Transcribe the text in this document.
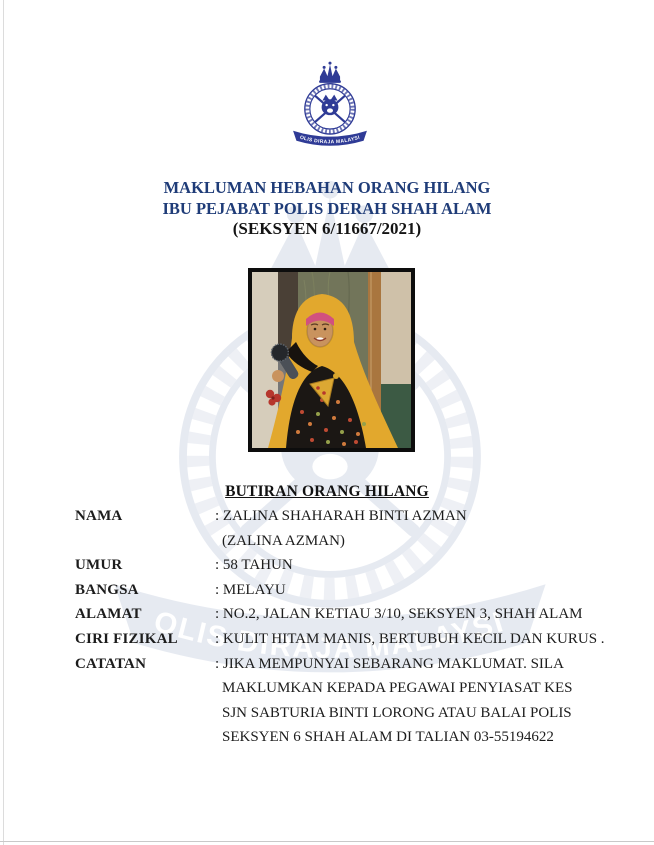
MAKLUMAN HEBAHAN ORANG HILANG
IBU PEJABAT POLIS DERAH SHAH ALAM
(SEKSYEN 6/11667/2021)
BUTIRAN ORANG HILANG
NAMA	: ZALINA SHAHARAH BINTI AZMAN
(ZALINA AZMAN)
UMUR	: 58 TAHUN
BANGSA	: MELAYU
ALAMAT	: NO.2, JALAN KETIAU 3/10, SEKSYEN 3, SHAH ALAM
CIRI FIZIKAL : KULIT HITAM MANIS, BERTUBUH KECIL DAN KURUS .
CATATAN	: JIKA MEMPUNYAI SEBARANG MAKLUMAT. SILA
MAKLUMKAN KEPADA PEGAWAI PENYIASAT KES
SJN SABTURIA BINTI LORONG ATAU BALAI POLIS
SEKSYEN 6 SHAH ALAM DI TALIAN 03-55194622
